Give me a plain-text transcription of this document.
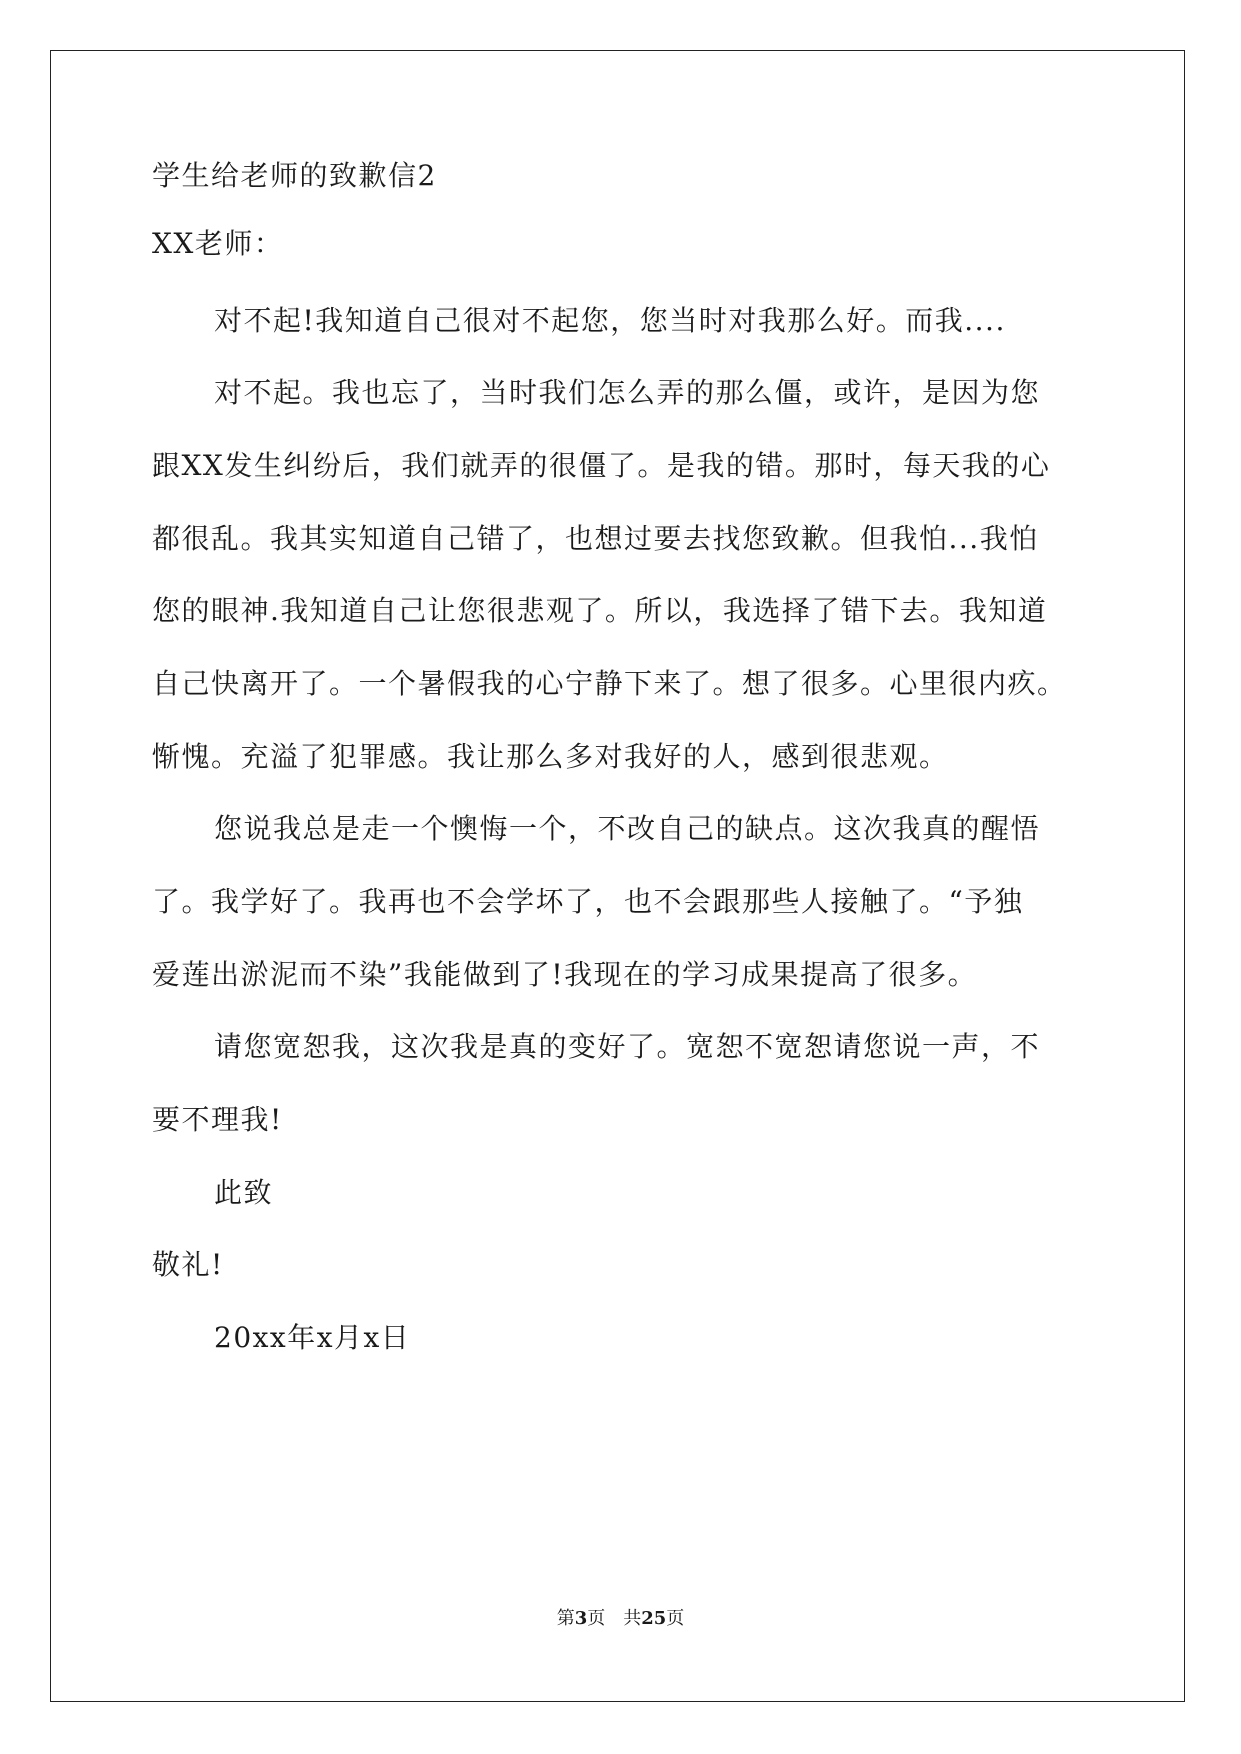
学生给老师的致歉信2
XX老师：
对不起!我知道自己很对不起您，您当时对我那么好。而我....
对不起。我也忘了，当时我们怎么弄的那么僵，或许，是因为您
跟XX发生纠纷后，我们就弄的很僵了。是我的错。那时，每天我的心
都很乱。我其实知道自己错了，也想过要去找您致歉。但我怕...我怕
您的眼神.我知道自己让您很悲观了。所以，我选择了错下去。我知道
自己快离开了。一个暑假我的心宁静下来了。想了很多。心里很内疚。
惭愧。充溢了犯罪感。我让那么多对我好的人，感到很悲观。
您说我总是走一个懊悔一个，不改自己的缺点。这次我真的醒悟
了。我学好了。我再也不会学坏了，也不会跟那些人接触了。“予独
爱莲出淤泥而不染”我能做到了!我现在的学习成果提高了很多。
请您宽恕我，这次我是真的变好了。宽恕不宽恕请您说一声，不
要不理我!
此致
敬礼!
20xx年x月x日
第3页 共25页
